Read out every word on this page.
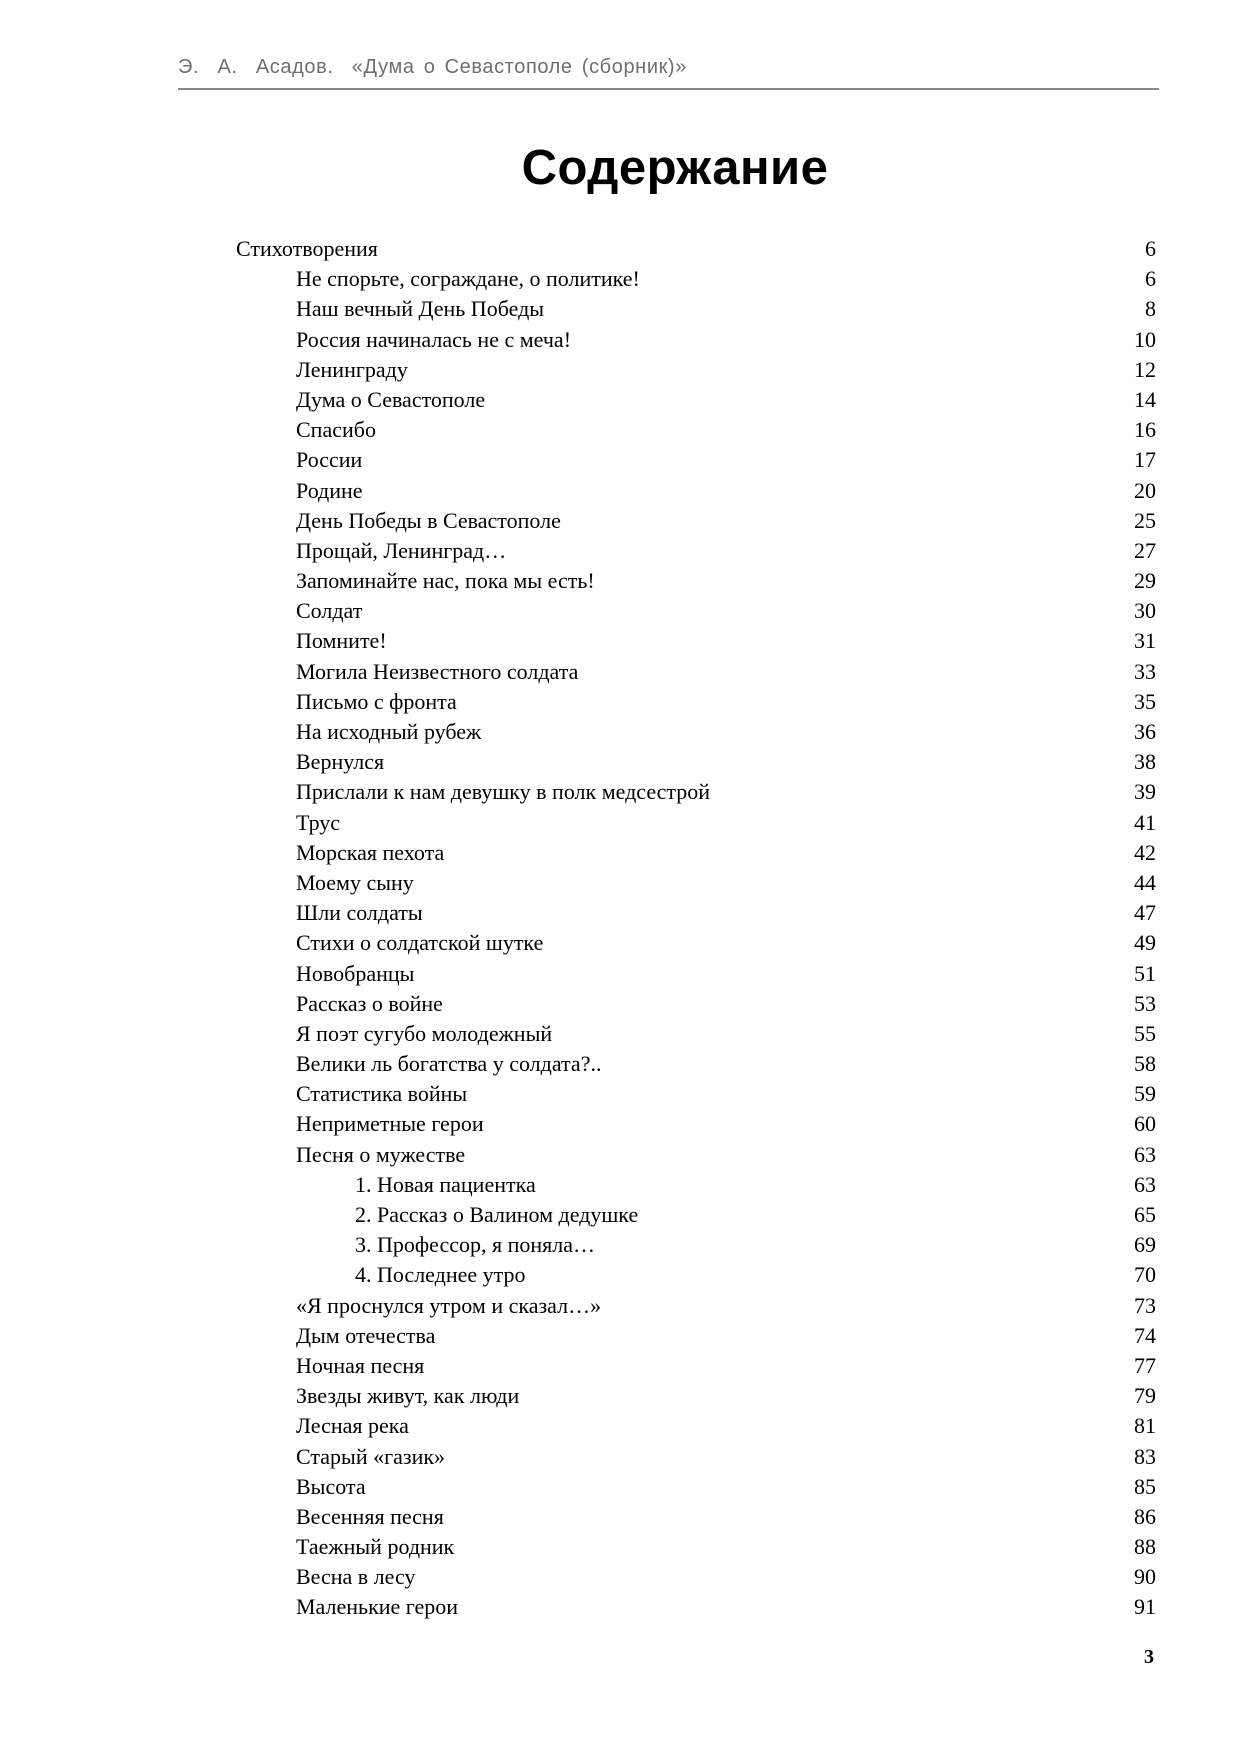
Э.  А.  Асадов.  «Дума о Севастополе (сборник)»
Содержание
Стихотворения	6
Не спорьте, сограждане, о политике!	6
Наш вечный День Победы	8
Россия начиналась не с меча!	10
Ленинграду	12
Дума о Севастополе	14
Спасибо	16
России	17
Родине	20
День Победы в Севастополе	25
Прощай, Ленинград…	27
Запоминайте нас, пока мы есть!	29
Солдат	30
Помните!	31
Могила Неизвестного солдата	33
Письмо с фронта	35
На исходный рубеж	36
Вернулся	38
Прислали к нам девушку в полк медсестрой	39
Трус	41
Морская пехота	42
Моему сыну	44
Шли солдаты	47
Стихи о солдатской шутке	49
Новобранцы	51
Рассказ о войне	53
Я поэт сугубо молодежный	55
Велики ль богатства у солдата?..	58
Статистика войны	59
Неприметные герои	60
Песня о мужестве	63
1. Новая пациентка	63
2. Рассказ о Валином дедушке	65
3. Профессор, я поняла…	69
4. Последнее утро	70
«Я проснулся утром и сказал…»	73
Дым отечества	74
Ночная песня	77
Звезды живут, как люди	79
Лесная река	81
Старый «газик»	83
Высота	85
Весенняя песня	86
Таежный родник	88
Весна в лесу	90
Маленькие герои	91
3
